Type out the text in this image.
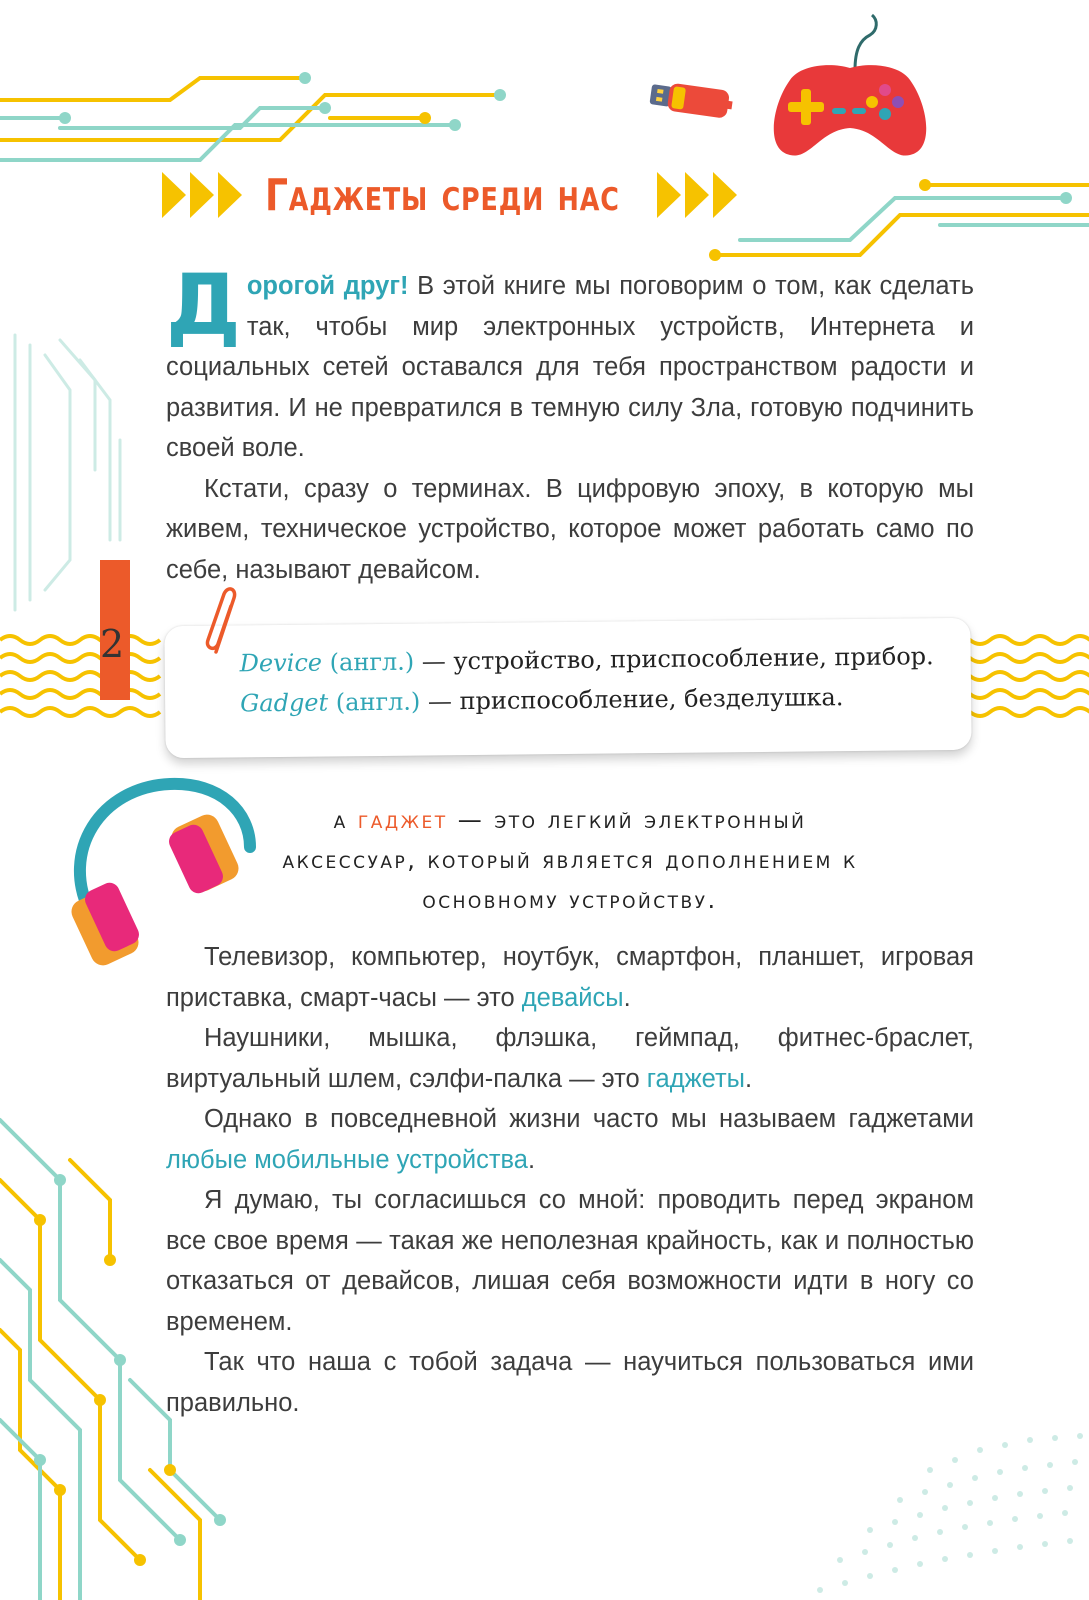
Гаджеты среди нас

Дорогой друг! В этой книге мы поговорим о том, как сделать так, чтобы мир электронных устройств, Интернета и социальных сетей оставался для тебя пространством радости и развития. И не превратился в темную силу Зла, готовую подчинить своей воле.

Кстати, сразу о терминах. В цифровую эпоху, в которую мы живем, техническое устройство, которое может работать само по себе, называют девайсом.

2	Device (англ.) — устройство, приспособление, прибор.
Gadget (англ.) — приспособление, безделушка.
а гаджет — это легкий электронный аксессуар, который является дополнением к основному устройству.

Телевизор, компьютер, ноутбук, смартфон, планшет, игровая приставка, смарт-часы — это девайсы.

Наушники, мышка, флэшка, геймпад, фитнес-браслет, виртуальный шлем, сэлфи-палка — это гаджеты.

Однако в повседневной жизни часто мы называем гаджетами любые мобильные устройства.

Я думаю, ты согласишься со мной: проводить перед экраном все свое время — такая же неполезная крайность, как и полностью отказаться от девайсов, лишая себя возможности идти в ногу со временем.

Так что наша с тобой задача — научиться пользоваться ими правильно.
